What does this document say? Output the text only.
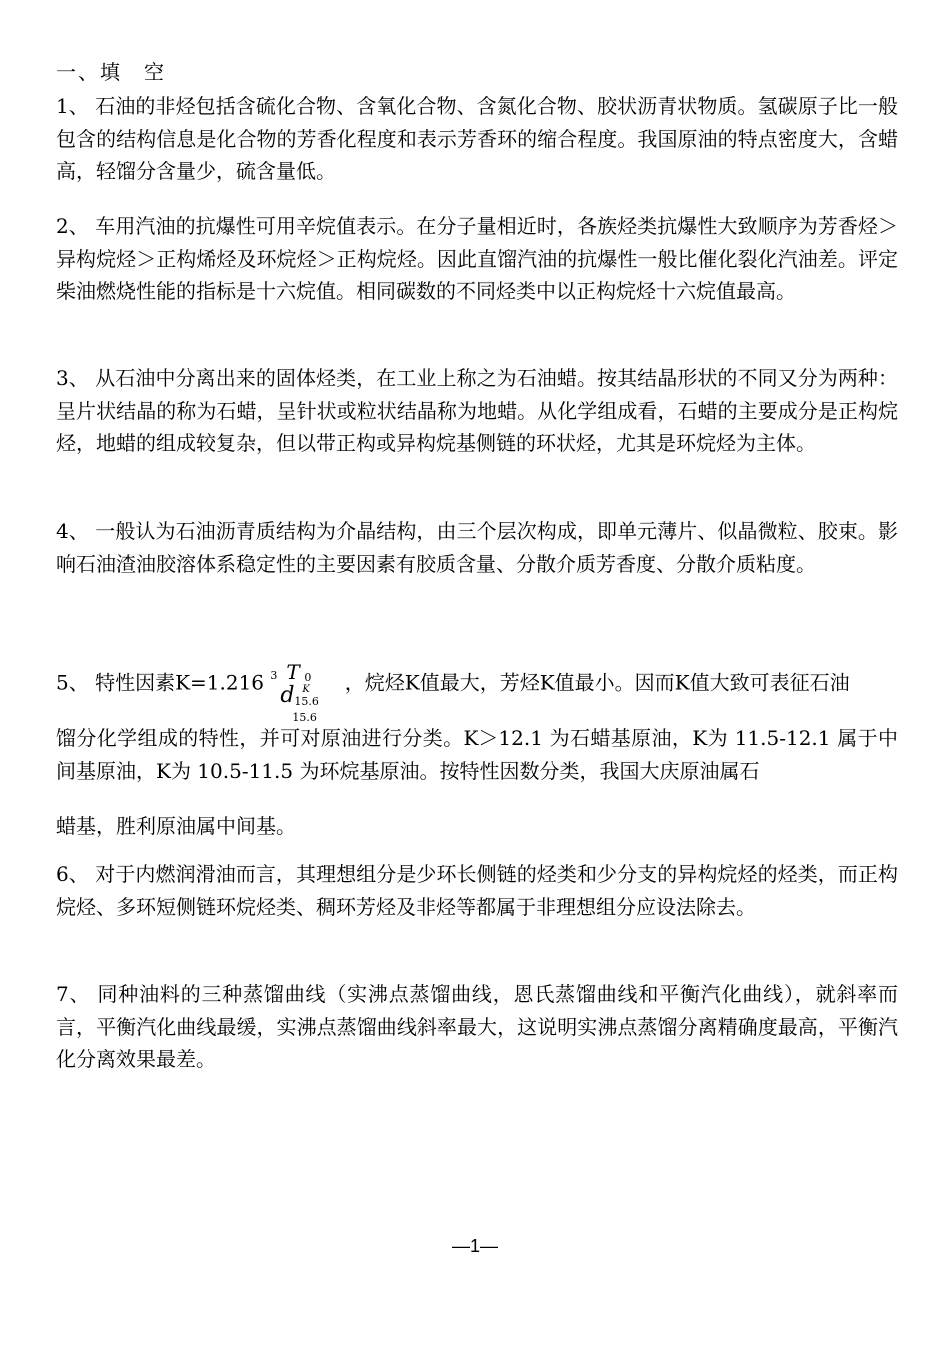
一、填　空
1、 石油的非烃包括含硫化合物、含氧化合物、含氮化合物、胶状沥青状物质。氢碳原子比一般包含的结构信息是化合物的芳香化程度和表示芳香环的缩合程度。我国原油的特点密度大，含蜡高，轻馏分含量少，硫含量低。
2、 车用汽油的抗爆性可用辛烷值表示。在分子量相近时，各族烃类抗爆性大致顺序为芳香烃＞异构烷烃＞正构烯烃及环烷烃＞正构烷烃。因此直馏汽油的抗爆性一般比催化裂化汽油差。评定柴油燃烧性能的指标是十六烷值。相同碳数的不同烃类中以正构烷烃十六烷值最高。
3、 从石油中分离出来的固体烃类，在工业上称之为石油蜡。按其结晶形状的不同又分为两种：呈片状结晶的称为石蜡，呈针状或粒状结晶称为地蜡。从化学组成看，石蜡的主要成分是正构烷烃，地蜡的组成较复杂，但以带正构或异构烷基侧链的环状烃，尤其是环烷烃为主体。
4、 一般认为石油沥青质结构为介晶结构，由三个层次构成，即单元薄片、似晶微粒、胶束。影响石油渣油胶溶体系稳定性的主要因素有胶质含量、分散介质芳香度、分散介质粘度。
5、 特性因素K=1.216 3 T 0
K
d 15.6
15.6
，烷烃K值最大，芳烃K值最小。因而K值大致可表征石油
馏分化学组成的特性，并可对原油进行分类。K＞12.1 为石蜡基原油，K为 11.5-12.1 属于中间基原油，K为 10.5-11.5 为环烷基原油。按特性因数分类，我国大庆原油属石
蜡基，胜利原油属中间基。
6、 对于内燃润滑油而言，其理想组分是少环长侧链的烃类和少分支的异构烷烃的烃类，而正构烷烃、多环短侧链环烷烃类、稠环芳烃及非烃等都属于非理想组分应设法除去。
7、 同种油料的三种蒸馏曲线（实沸点蒸馏曲线，恩氏蒸馏曲线和平衡汽化曲线），就斜率而言，平衡汽化曲线最缓，实沸点蒸馏曲线斜率最大，这说明实沸点蒸馏分离精确度最高，平衡汽化分离效果最差。
—1—
